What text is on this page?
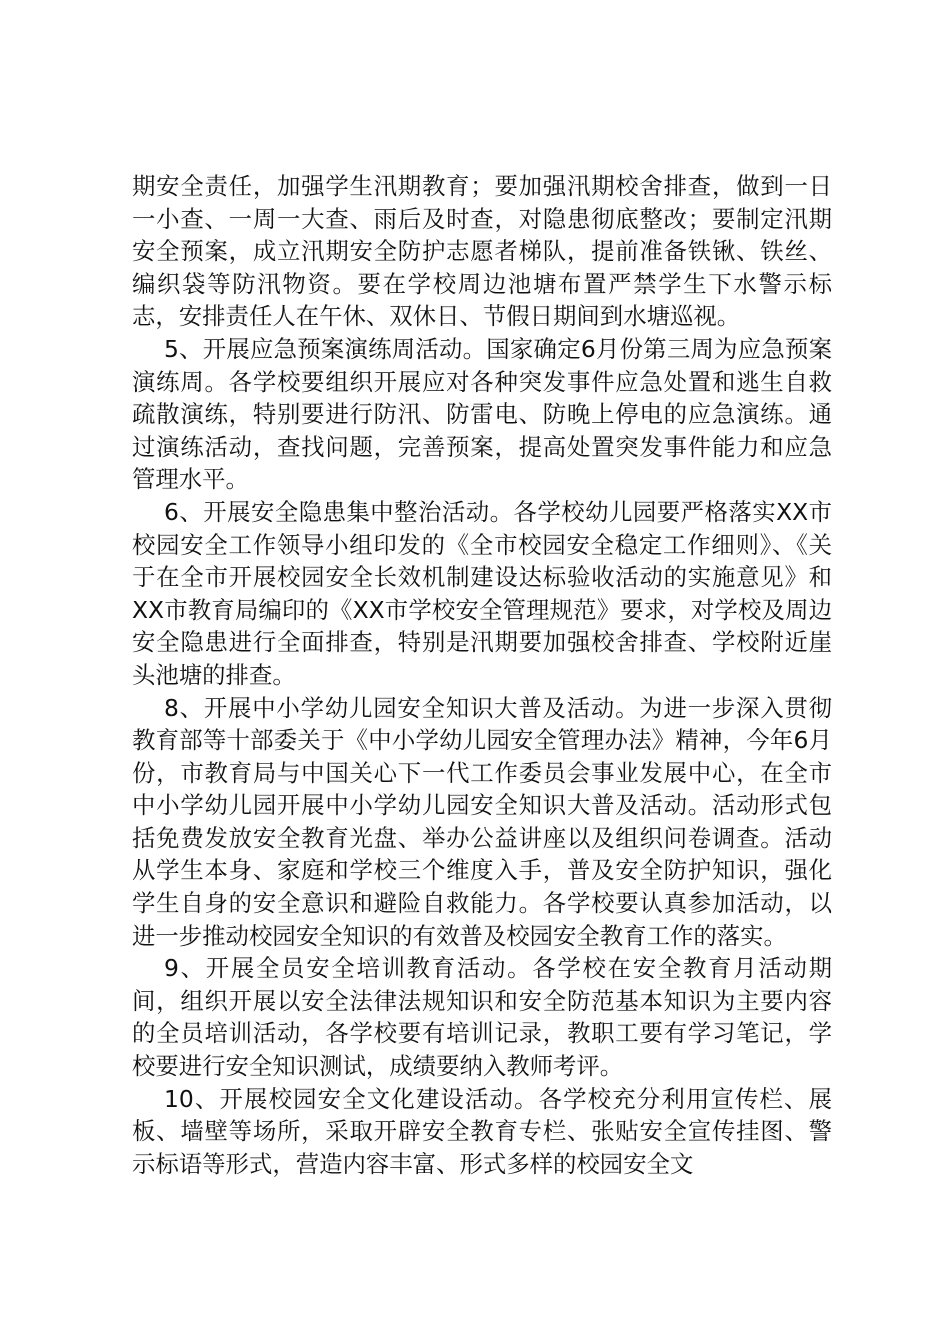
期安全责任，加强学生汛期教育；要加强汛期校舍排查，做到一日一小查、一周一大查、雨后及时查，对隐患彻底整改；要制定汛期安全预案，成立汛期安全防护志愿者梯队，提前准备铁锹、铁丝、编织袋等防汛物资。要在学校周边池塘布置严禁学生下水警示标志，安排责任人在午休、双休日、节假日期间到水塘巡视。

5、开展应急预案演练周活动。国家确定6月份第三周为应急预案演练周。各学校要组织开展应对各种突发事件应急处置和逃生自救疏散演练，特别要进行防汛、防雷电、防晚上停电的应急演练。通过演练活动，查找问题，完善预案，提高处置突发事件能力和应急管理水平。

6、开展安全隐患集中整治活动。各学校幼儿园要严格落实XX市校园安全工作领导小组印发的《全市校园安全稳定工作细则》、《关于在全市开展校园安全长效机制建设达标验收活动的实施意见》和XX市教育局编印的《XX市学校安全管理规范》要求，对学校及周边安全隐患进行全面排查，特别是汛期要加强校舍排查、学校附近崖头池塘的排查。

8、开展中小学幼儿园安全知识大普及活动。为进一步深入贯彻教育部等十部委关于《中小学幼儿园安全管理办法》精神，今年6月份，市教育局与中国关心下一代工作委员会事业发展中心，在全市中小学幼儿园开展中小学幼儿园安全知识大普及活动。活动形式包括免费发放安全教育光盘、举办公益讲座以及组织问卷调查。活动从学生本身、家庭和学校三个维度入手，普及安全防护知识，强化学生自身的安全意识和避险自救能力。各学校要认真参加活动，以进一步推动校园安全知识的有效普及校园安全教育工作的落实。

9、开展全员安全培训教育活动。各学校在安全教育月活动期间，组织开展以安全法律法规知识和安全防范基本知识为主要内容的全员培训活动，各学校要有培训记录，教职工要有学习笔记，学校要进行安全知识测试，成绩要纳入教师考评。

10、开展校园安全文化建设活动。各学校充分利用宣传栏、展板、墙壁等场所，采取开辟安全教育专栏、张贴安全宣传挂图、警示标语等形式，营造内容丰富、形式多样的校园安全文
